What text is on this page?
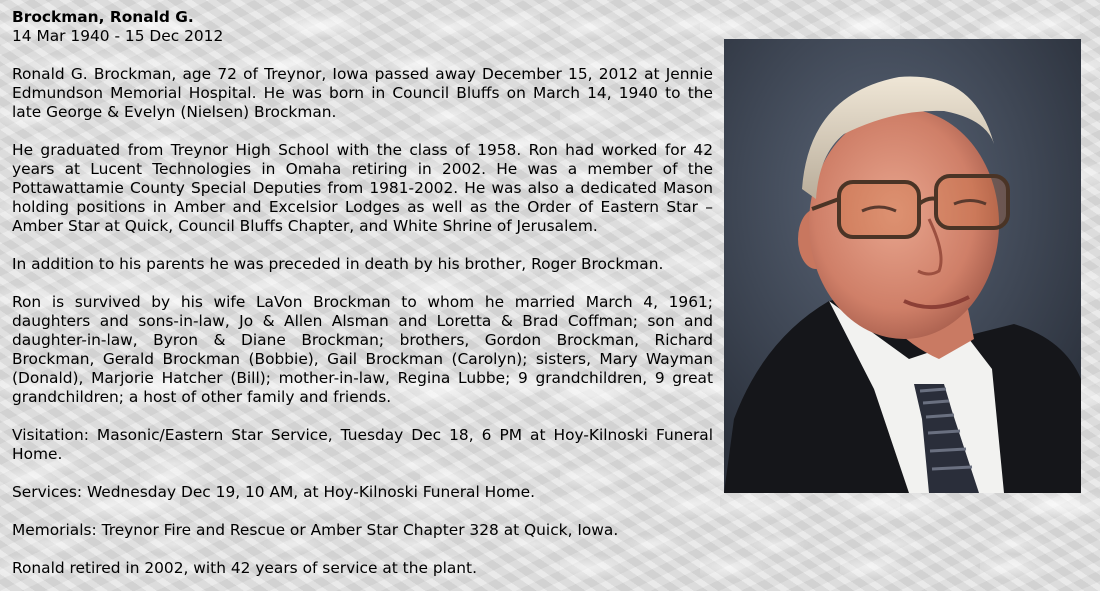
Brockman, Ronald G.

14 Mar 1940 - 15 Dec 2012

Ronald G. Brockman, age 72 of Treynor, Iowa passed away December 15, 2012 at Jennie Edmundson Memorial Hospital. He was born in Council Bluffs on March 14, 1940 to the late George & Evelyn (Nielsen) Brockman.

He graduated from Treynor High School with the class of 1958. Ron had worked for 42 years at Lucent Technologies in Omaha retiring in 2002. He was a member of the Pottawattamie County Special Deputies from 1981-2002. He was also a dedicated Mason holding positions in Amber and Excelsior Lodges as well as the Order of Eastern Star – Amber Star at Quick, Council Bluffs Chapter, and White Shrine of Jerusalem.

In addition to his parents he was preceded in death by his brother, Roger Brockman.

Ron is survived by his wife LaVon Brockman to whom he married March 4, 1961; daughters and sons-in-law, Jo & Allen Alsman and Loretta & Brad Coffman; son and daughter-in-law, Byron & Diane Brockman; brothers, Gordon Brockman, Richard Brockman, Gerald Brockman (Bobbie), Gail Brockman (Carolyn); sisters, Mary Wayman (Donald), Marjorie Hatcher (Bill); mother-in-law, Regina Lubbe; 9 grandchildren, 9 great grandchildren; a host of other family and friends.

Visitation: Masonic/Eastern Star Service, Tuesday Dec 18, 6 PM at Hoy-Kilnoski Funeral Home.

Services: Wednesday Dec 19, 10 AM, at Hoy-Kilnoski Funeral Home.

Memorials: Treynor Fire and Rescue or Amber Star Chapter 328 at Quick, Iowa.

Ronald retired in 2002, with 42 years of service at the plant.
